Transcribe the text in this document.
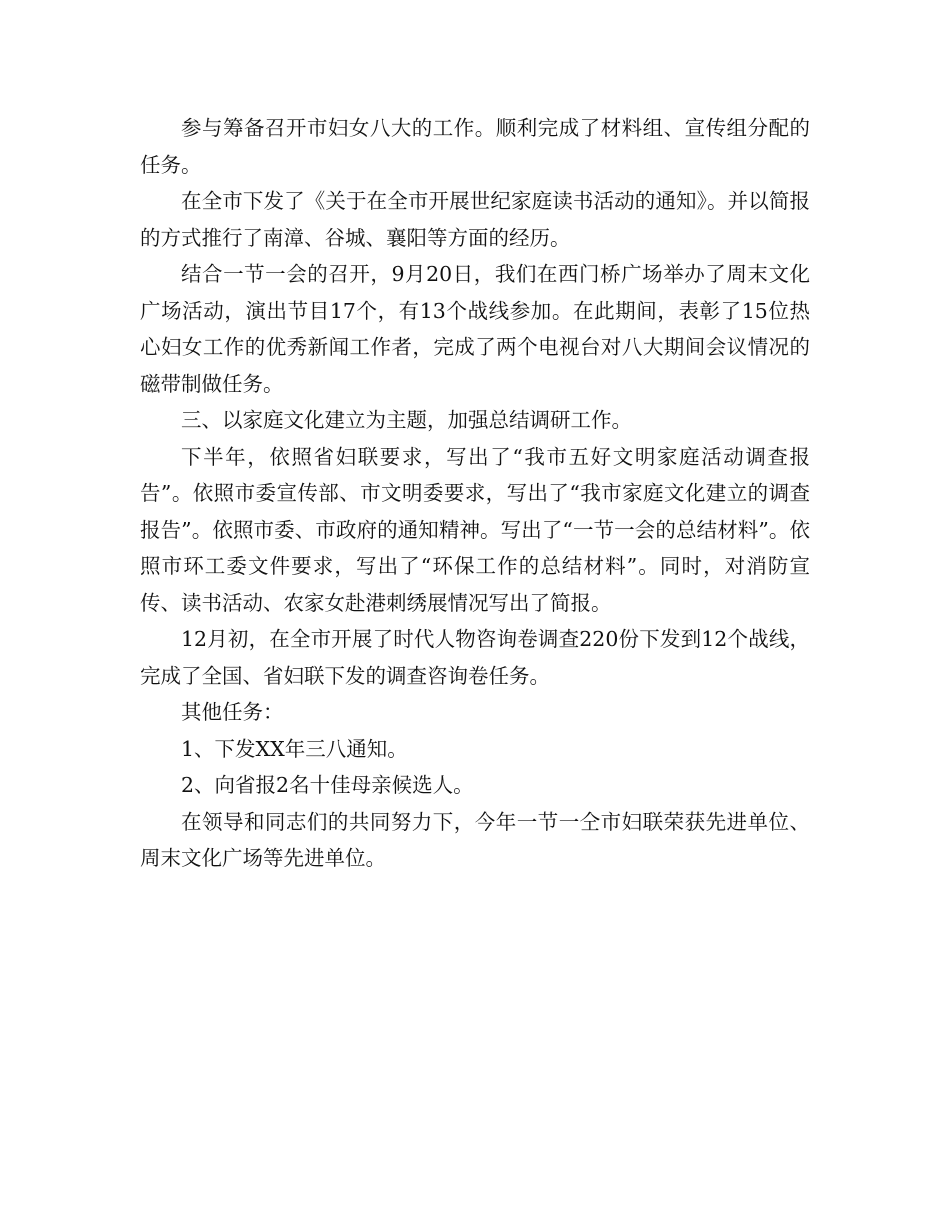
参与筹备召开市妇女八大的工作。顺利完成了材料组、宣传组分配的任务。

在全市下发了《关于在全市开展世纪家庭读书活动的通知》。并以简报的方式推行了南漳、谷城、襄阳等方面的经历。

结合一节一会的召开，9月20日，我们在西门桥广场举办了周末文化广场活动，演出节目17个，有13个战线参加。在此期间，表彰了15位热心妇女工作的优秀新闻工作者，完成了两个电视台对八大期间会议情况的磁带制做任务。

三、以家庭文化建立为主题，加强总结调研工作。

下半年，依照省妇联要求，写出了“我市五好文明家庭活动调查报告”。依照市委宣传部、市文明委要求，写出了“我市家庭文化建立的调查报告”。依照市委、市政府的通知精神。写出了“一节一会的总结材料”。依照市环工委文件要求，写出了“环保工作的总结材料”。同时，对消防宣传、读书活动、农家女赴港刺绣展情况写出了简报。

12月初，在全市开展了时代人物咨询卷调查220份下发到12个战线，完成了全国、省妇联下发的调查咨询卷任务。

其他任务：

1、下发XX年三八通知。

2、向省报2名十佳母亲候选人。

在领导和同志们的共同努力下，今年一节一仝市妇联荣获先进单位、周末文化广场等先进单位。
